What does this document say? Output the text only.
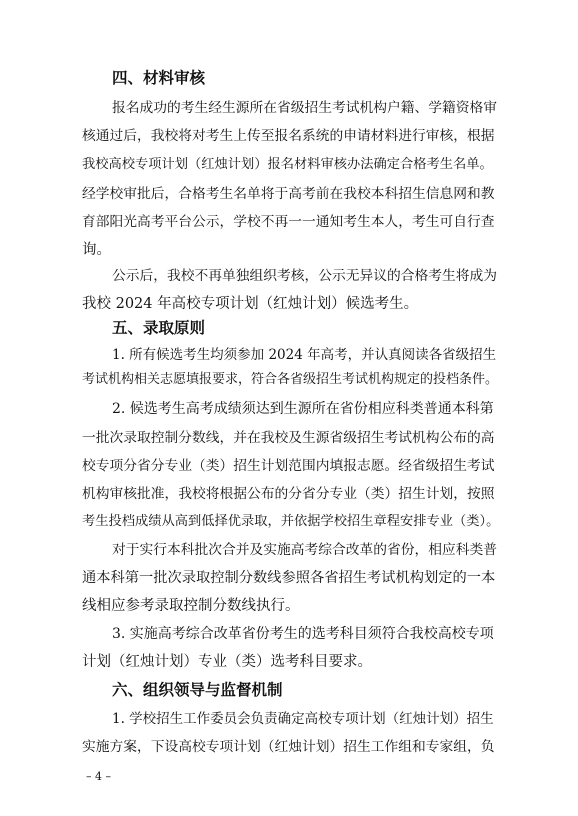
四、材料审核
报名成功的考生经生源所在省级招生考试机构户籍、学籍资格审
核通过后，我校将对考生上传至报名系统的申请材料进行审核，根据
我校高校专项计划（红烛计划）报名材料审核办法确定合格考生名单。
经学校审批后，合格考生名单将于高考前在我校本科招生信息网和教
育部阳光高考平台公示，学校不再一一通知考生本人，考生可自行查
询。
公示后，我校不再单独组织考核，公示无异议的合格考生将成为
我校 2024 年高校专项计划（红烛计划）候选考生。
五、录取原则
1. 所有候选考生均须参加 2024 年高考，并认真阅读各省级招生
考试机构相关志愿填报要求，符合各省级招生考试机构规定的投档条件。
2. 候选考生高考成绩须达到生源所在省份相应科类普通本科第
一批次录取控制分数线，并在我校及生源省级招生考试机构公布的高
校专项分省分专业（类）招生计划范围内填报志愿。经省级招生考试
机构审核批准，我校将根据公布的分省分专业（类）招生计划，按照
考生投档成绩从高到低择优录取，并依据学校招生章程安排专业（类）。
对于实行本科批次合并及实施高考综合改革的省份，相应科类普
通本科第一批次录取控制分数线参照各省招生考试机构划定的一本
线相应参考录取控制分数线执行。
3. 实施高考综合改革省份考生的选考科目须符合我校高校专项
计划（红烛计划）专业（类）选考科目要求。
六、组织领导与监督机制
1. 学校招生工作委员会负责确定高校专项计划（红烛计划）招生
实施方案，下设高校专项计划（红烛计划）招生工作组和专家组，负
– 4 –
